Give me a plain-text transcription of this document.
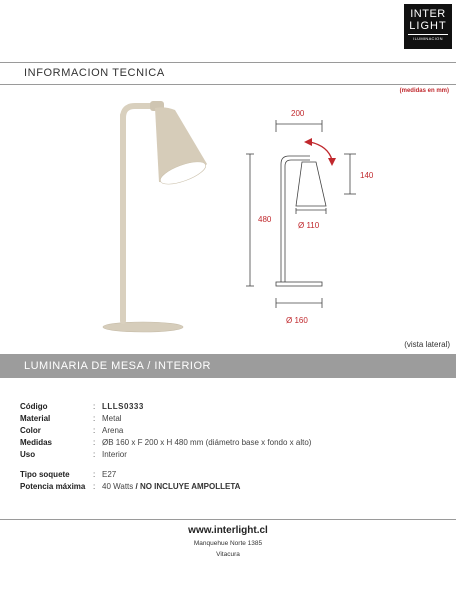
INTER
LIGHT
ILUMINACION
INFORMACION TECNICA
(medidas en mm)
200
480
140
Ø 110
Ø 160
(vista lateral)
LUMINARIA DE MESA / INTERIOR
Código	: LLLS0333
Material	: Metal
Color	: Arena
Medidas	: ØB 160 x F 200 x H 480 mm (diámetro base x fondo x alto)
Uso	: Interior
Tipo soquete	: E27
Potencia máxima : 40 Watts / NO INCLUYE AMPOLLETA
www.interlight.cl
Manquehue Norte 1385
Vitacura
